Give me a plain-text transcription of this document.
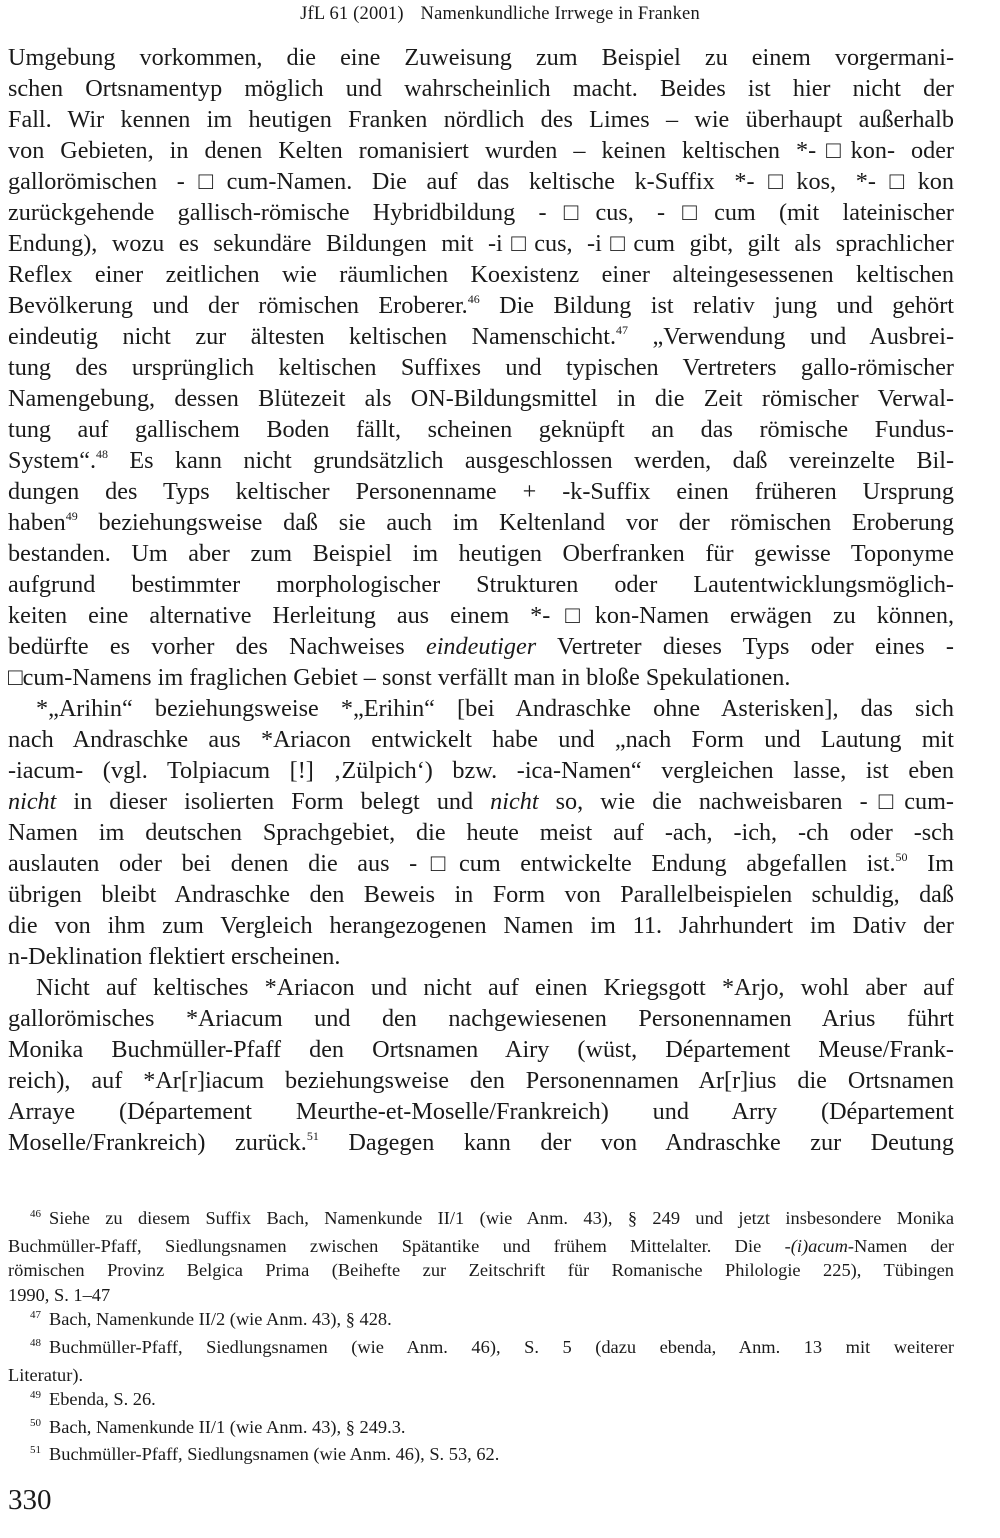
JfL 61 (2001) Namenkundliche Irrwege in Franken
Umgebung vorkommen, die eine Zuweisung zum Beispiel zu einem vorgermani-
schen Ortsnamentyp möglich und wahrscheinlich macht. Beides ist hier nicht der
Fall. Wir kennen im heutigen Franken nördlich des Limes – wie überhaupt außerhalb
von Gebieten, in denen Kelten romanisiert wurden – keinen keltischen *-□kon- oder
gallorömischen -□cum-Namen. Die auf das keltische k-Suffix *-□kos, *-□kon
zurückgehende gallisch-römische Hybridbildung -□cus, -□cum (mit lateinischer
Endung), wozu es sekundäre Bildungen mit -i□cus, -i□cum gibt, gilt als sprachlicher
Reflex einer zeitlichen wie räumlichen Koexistenz einer alteingesessenen keltischen
Bevölkerung und der römischen Eroberer.$^{46}$ Die Bildung ist relativ jung und gehört
eindeutig nicht zur ältesten keltischen Namenschicht.$^{47}$ „Verwendung und Ausbrei-
tung des ursprünglich keltischen Suffixes und typischen Vertreters gallo-römischer
Namengebung, dessen Blütezeit als ON-Bildungsmittel in die Zeit römischer Verwal-
tung auf gallischem Boden fällt, scheinen geknüpft an das römische Fundus-
System“.$^{48}$ Es kann nicht grundsätzlich ausgeschlossen werden, daß vereinzelte Bil-
dungen des Typs keltischer Personenname + -k-Suffix einen früheren Ursprung
haben$^{49}$ beziehungsweise daß sie auch im Keltenland vor der römischen Eroberung
bestanden. Um aber zum Beispiel im heutigen Oberfranken für gewisse Toponyme
aufgrund bestimmter morphologischer Strukturen oder Lautentwicklungsmöglich-
keiten eine alternative Herleitung aus einem *-□kon-Namen erwägen zu können,
bedürfte es vorher des Nachweises eindeutiger Vertreter dieses Typs oder eines -
□cum-Namens im fraglichen Gebiet – sonst verfällt man in bloße Spekulationen.
*„Arihin“ beziehungsweise *„Erihin“ [bei Andraschke ohne Asterisken], das sich
nach Andraschke aus *Ariacon entwickelt habe und „nach Form und Lautung mit
-iacum- (vgl. Tolpiacum [!] ‚Zülpich‘) bzw. -ica-Namen“ vergleichen lasse, ist eben
nicht in dieser isolierten Form belegt und nicht so, wie die nachweisbaren -□cum-
Namen im deutschen Sprachgebiet, die heute meist auf -ach, -ich, -ch oder -sch
auslauten oder bei denen die aus -□cum entwickelte Endung abgefallen ist.$^{50}$ Im
übrigen bleibt Andraschke den Beweis in Form von Parallelbeispielen schuldig, daß
die von ihm zum Vergleich herangezogenen Namen im 11. Jahrhundert im Dativ der
n-Deklination flektiert erscheinen.
Nicht auf keltisches *Ariacon und nicht auf einen Kriegsgott *Arjo, wohl aber auf
gallorömisches *Ariacum und den nachgewiesenen Personennamen Arius führt
Monika Buchmüller-Pfaff den Ortsnamen Airy (wüst, Département Meuse/Frank-
reich), auf *Ar[r]iacum beziehungsweise den Personennamen Ar[r]ius die Ortsnamen
Arraye (Département Meurthe-et-Moselle/Frankreich) und Arry (Département
Moselle/Frankreich) zurück.$^{51}$ Dagegen kann der von Andraschke zur Deutung
$^{46}$ Siehe zu diesem Suffix Bach, Namenkunde II/1 (wie Anm. 43), § 249 und jetzt insbesondere Monika
Buchmüller-Pfaff, Siedlungsnamen zwischen Spätantike und frühem Mittelalter. Die -(i)acum-Namen der
römischen Provinz Belgica Prima (Beihefte zur Zeitschrift für Romanische Philologie 225), Tübingen
1990, S. 1–47
$^{47}$ Bach, Namenkunde II/2 (wie Anm. 43), § 428.
$^{48}$ Buchmüller-Pfaff, Siedlungsnamen (wie Anm. 46), S. 5 (dazu ebenda, Anm. 13 mit weiterer
Literatur).
$^{49}$ Ebenda, S. 26.
$^{50}$ Bach, Namenkunde II/1 (wie Anm. 43), § 249.3.
$^{51}$ Buchmüller-Pfaff, Siedlungsnamen (wie Anm. 46), S. 53, 62.
330
